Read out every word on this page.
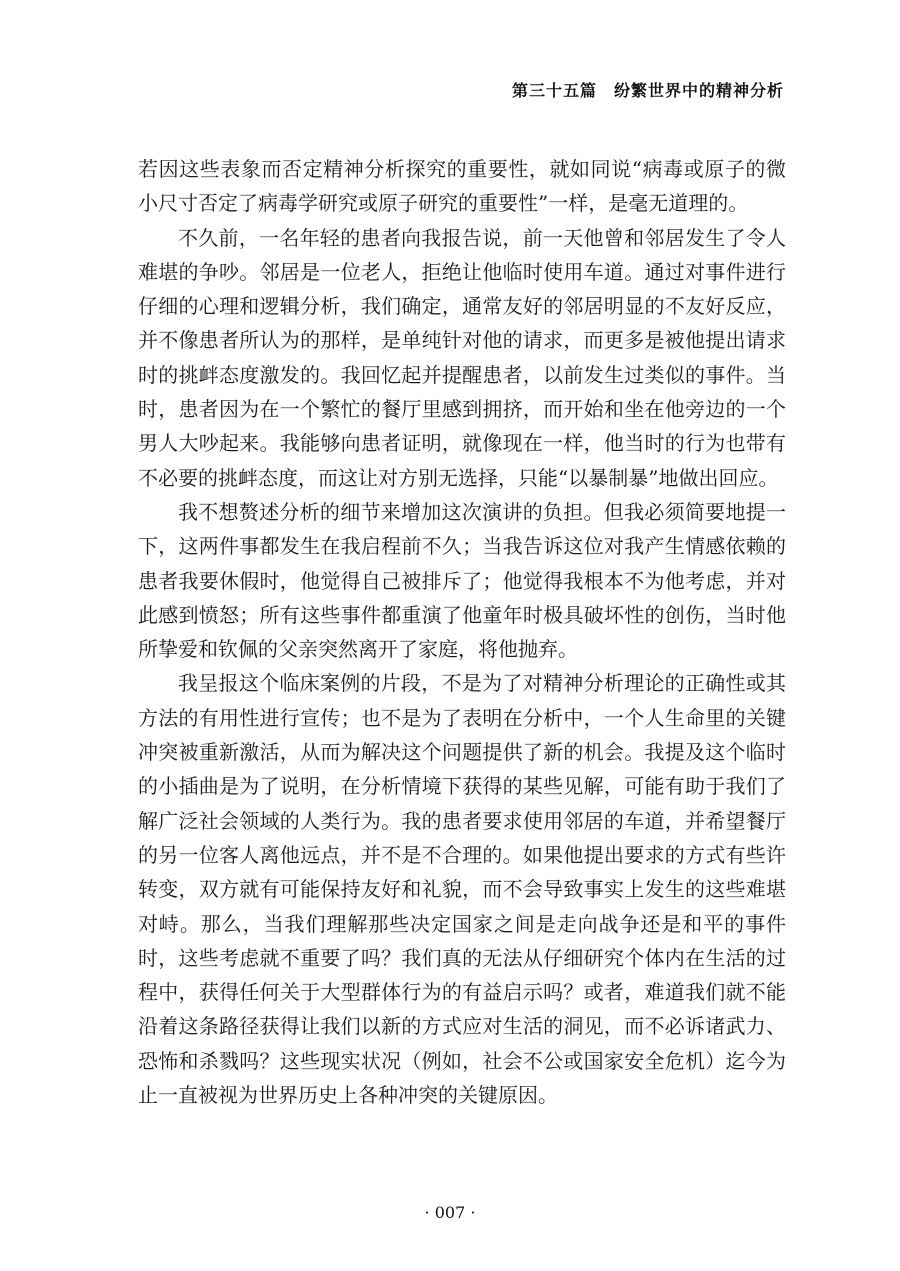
第三十五篇　纷繁世界中的精神分析

若因这些表象而否定精神分析探究的重要性，就如同说“病毒或原子的微小尺寸否定了病毒学研究或原子研究的重要性”一样，是毫无道理的。

不久前，一名年轻的患者向我报告说，前一天他曾和邻居发生了令人难堪的争吵。邻居是一位老人，拒绝让他临时使用车道。通过对事件进行仔细的心理和逻辑分析，我们确定，通常友好的邻居明显的不友好反应，并不像患者所认为的那样，是单纯针对他的请求，而更多是被他提出请求时的挑衅态度激发的。我回忆起并提醒患者，以前发生过类似的事件。当时，患者因为在一个繁忙的餐厅里感到拥挤，而开始和坐在他旁边的一个男人大吵起来。我能够向患者证明，就像现在一样，他当时的行为也带有不必要的挑衅态度，而这让对方别无选择，只能“以暴制暴”地做出回应。

我不想赘述分析的细节来增加这次演讲的负担。但我必须简要地提一下，这两件事都发生在我启程前不久；当我告诉这位对我产生情感依赖的患者我要休假时，他觉得自己被排斥了；他觉得我根本不为他考虑，并对此感到愤怒；所有这些事件都重演了他童年时极具破坏性的创伤，当时他所挚爱和钦佩的父亲突然离开了家庭，将他抛弃。

我呈报这个临床案例的片段，不是为了对精神分析理论的正确性或其方法的有用性进行宣传；也不是为了表明在分析中，一个人生命里的关键冲突被重新激活，从而为解决这个问题提供了新的机会。我提及这个临时的小插曲是为了说明，在分析情境下获得的某些见解，可能有助于我们了解广泛社会领域的人类行为。我的患者要求使用邻居的车道，并希望餐厅的另一位客人离他远点，并不是不合理的。如果他提出要求的方式有些许转变，双方就有可能保持友好和礼貌，而不会导致事实上发生的这些难堪对峙。那么，当我们理解那些决定国家之间是走向战争还是和平的事件时，这些考虑就不重要了吗？我们真的无法从仔细研究个体内在生活的过程中，获得任何关于大型群体行为的有益启示吗？或者，难道我们就不能沿着这条路径获得让我们以新的方式应对生活的洞见，而不必诉诸武力、恐怖和杀戮吗？这些现实状况（例如，社会不公或国家安全危机）迄今为止一直被视为世界历史上各种冲突的关键原因。

· 007 ·
